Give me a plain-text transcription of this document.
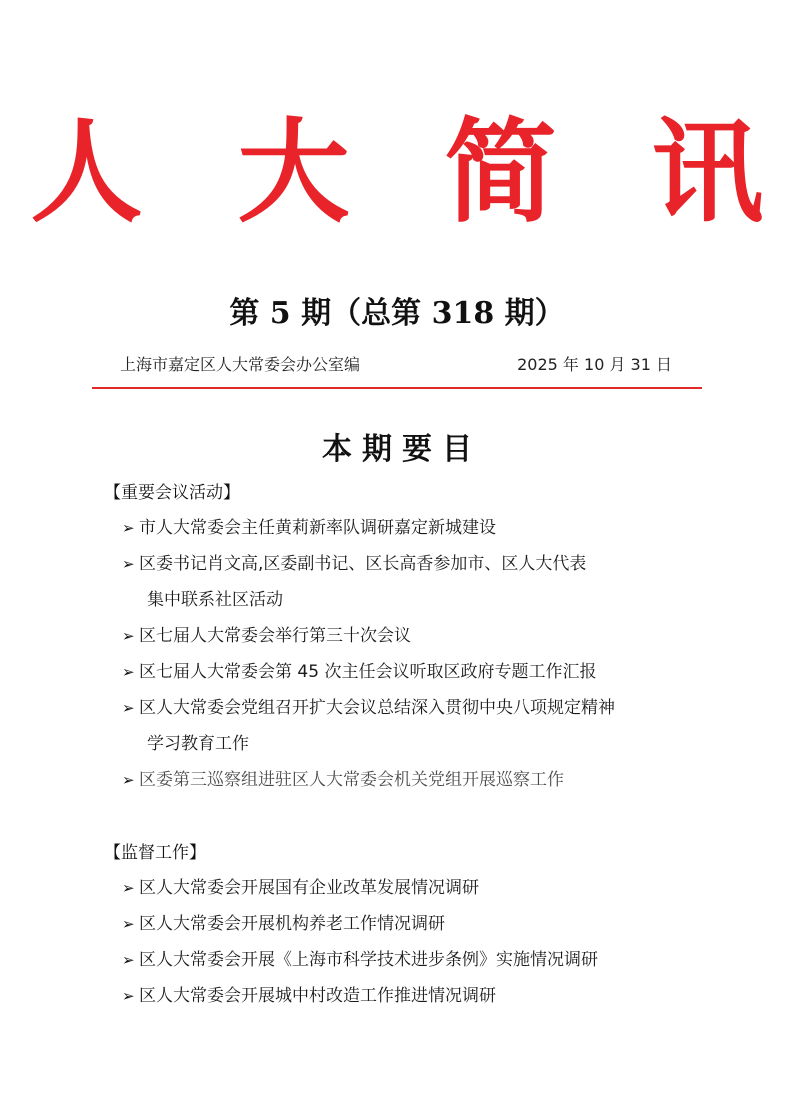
人 大 简 讯
第 5 期（总第 318 期）
上海市嘉定区人大常委会办公室编	2025 年 10 月 31 日
本期要目
【重要会议活动】
➢ 市人大常委会主任黄莉新率队调研嘉定新城建设
➢ 区委书记肖文高,区委副书记、区长高香参加市、区人大代表
集中联系社区活动
➢ 区七届人大常委会举行第三十次会议
➢ 区七届人大常委会第 45 次主任会议听取区政府专题工作汇报
➢ 区人大常委会党组召开扩大会议总结深入贯彻中央八项规定精神
学习教育工作
➢ 区委第三巡察组进驻区人大常委会机关党组开展巡察工作
【监督工作】
➢ 区人大常委会开展国有企业改革发展情况调研
➢ 区人大常委会开展机构养老工作情况调研
➢ 区人大常委会开展《上海市科学技术进步条例》实施情况调研
➢ 区人大常委会开展城中村改造工作推进情况调研
